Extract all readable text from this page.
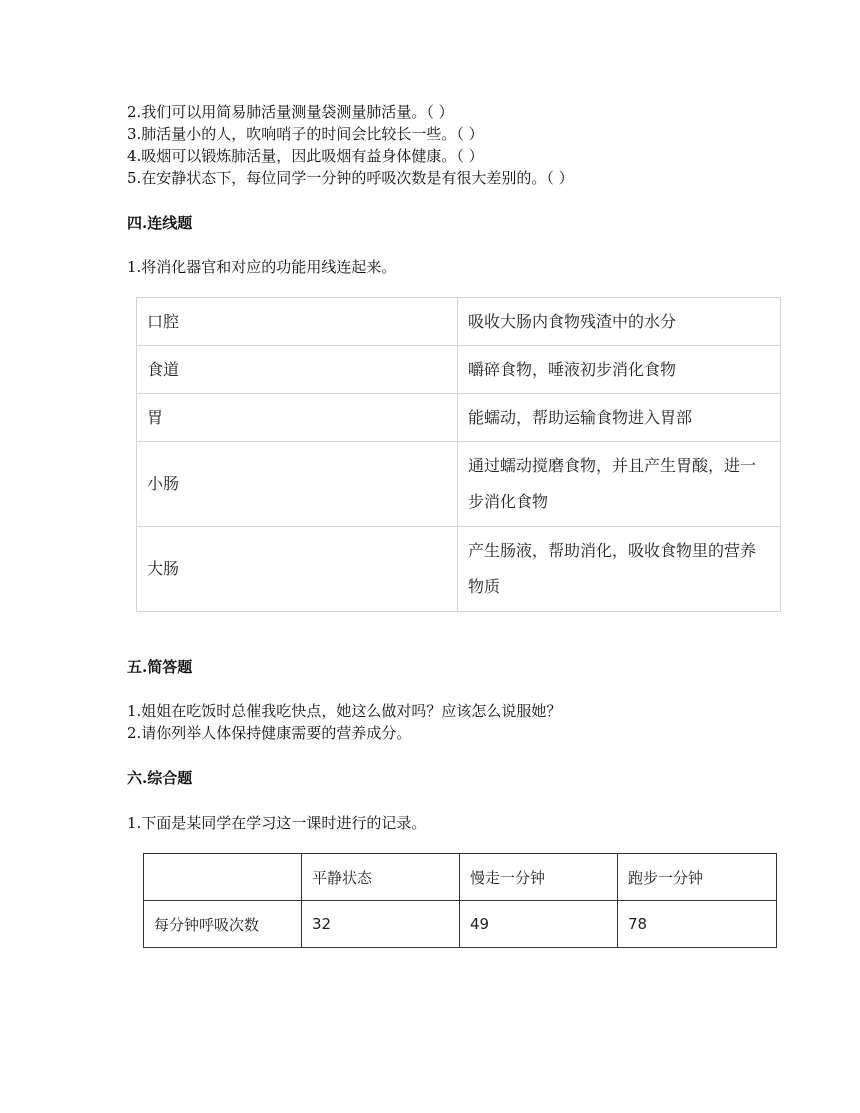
2.我们可以用简易肺活量测量袋测量肺活量。（ ）
3.肺活量小的人，吹响哨子的时间会比较长一些。（ ）
4.吸烟可以锻炼肺活量，因此吸烟有益身体健康。（ ）
5.在安静状态下，每位同学一分钟的呼吸次数是有很大差别的。（ ）
四.连线题
1.将消化器官和对应的功能用线连起来。
口腔	吸收大肠内食物残渣中的水分
食道	嚼碎食物，唾液初步消化食物
胃	能蠕动，帮助运输食物进入胃部
小肠	通过蠕动搅磨食物，并且产生胃酸，进一步消化食物
大肠	产生肠液，帮助消化，吸收食物里的营养物质
五.简答题
1.姐姐在吃饭时总催我吃快点，她这么做对吗？应该怎么说服她？
2.请你列举人体保持健康需要的营养成分。
六.综合题
1.下面是某同学在学习这一课时进行的记录。
	平静状态	慢走一分钟	跑步一分钟
每分钟呼吸次数	32	49	78
